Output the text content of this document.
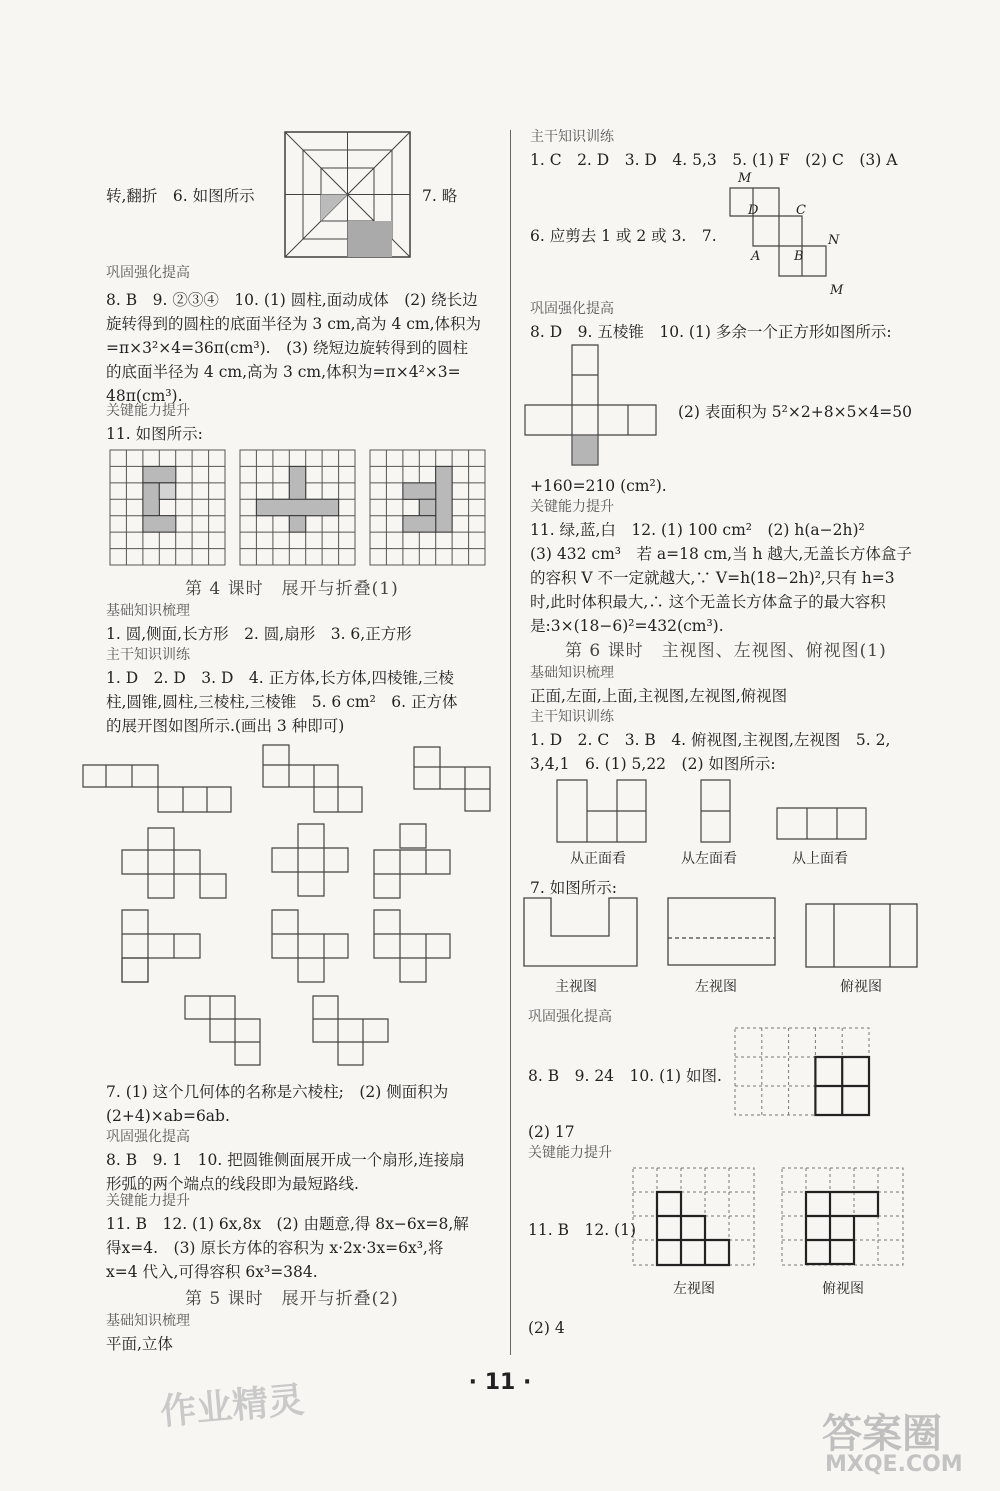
转,翻折　6. 如图所示	7. 略
巩固强化提高
8. B　9. ②③④　10. (1) 圆柱,面动成体　(2) 绕长边
旋转得到的圆柱的底面半径为 3 cm,高为 4 cm,体积为
=π×3²×4=36π(cm³).　(3) 绕短边旋转得到的圆柱
的底面半径为 4 cm,高为 3 cm,体积为=π×4²×3=
48π(cm³).
关键能力提升
11. 如图所示:
第 4 课时　展开与折叠(1)
基础知识梳理
1. 圆,侧面,长方形　2. 圆,扇形　3. 6,正方形
主干知识训练
1. D　2. D　3. D　4. 正方体,长方体,四棱锥,三棱
柱,圆锥,圆柱,三棱柱,三棱锥　5. 6 cm²　6. 正方体
的展开图如图所示.(画出 3 种即可)
7. (1) 这个几何体的名称是六棱柱;　(2) 侧面积为
(2+4)×ab=6ab.
巩固强化提高
8. B　9. 1　10. 把圆锥侧面展开成一个扇形,连接扇
形弧的两个端点的线段即为最短路线.
关键能力提升
11. B　12. (1) 6x,8x　(2) 由题意,得 8x−6x=8,解
得x=4.　(3) 原长方体的容积为 x·2x·3x=6x³,将
x=4 代入,可得容积 6x³=384.
第 5 课时　展开与折叠(2)
基础知识梳理
平面,立体
主干知识训练
1. C　2. D　3. D　4. 5,3　5. (1) F　(2) C　(3) A
M
D	C
N
A	B
M
6. 应剪去 1 或 2 或 3.　7.
巩固强化提高
8. D　9. 五棱锥　10. (1) 多余一个正方形如图所示:
(2) 表面积为 5²×2+8×5×4=50
+160=210 (cm²).
关键能力提升
11. 绿,蓝,白　12. (1) 100 cm²　(2) h(a−2h)²
(3) 432 cm³　若 a=18 cm,当 h 越大,无盖长方体盒子
的容积 V 不一定就越大,∵ V=h(18−2h)²,只有 h=3
时,此时体积最大,∴ 这个无盖长方体盒子的最大容积
是:3×(18−6)²=432(cm³).
第 6 课时　主视图、左视图、俯视图(1)
基础知识梳理
正面,左面,上面,主视图,左视图,俯视图
主干知识训练
1. D　2. C　3. B　4. 俯视图,主视图,左视图　5. 2,
3,4,1　6. (1) 5,22　(2) 如图所示:
从正面看	从左面看	从上面看
7. 如图所示:
主视图	左视图	俯视图
巩固强化提高
8. B　9. 24　10. (1) 如图.
(2) 17
关键能力提升
11. B　12. (1)
左视图	俯视图
(2) 4
· 11 ·
作业精灵
答案圈
MXQE.COM
